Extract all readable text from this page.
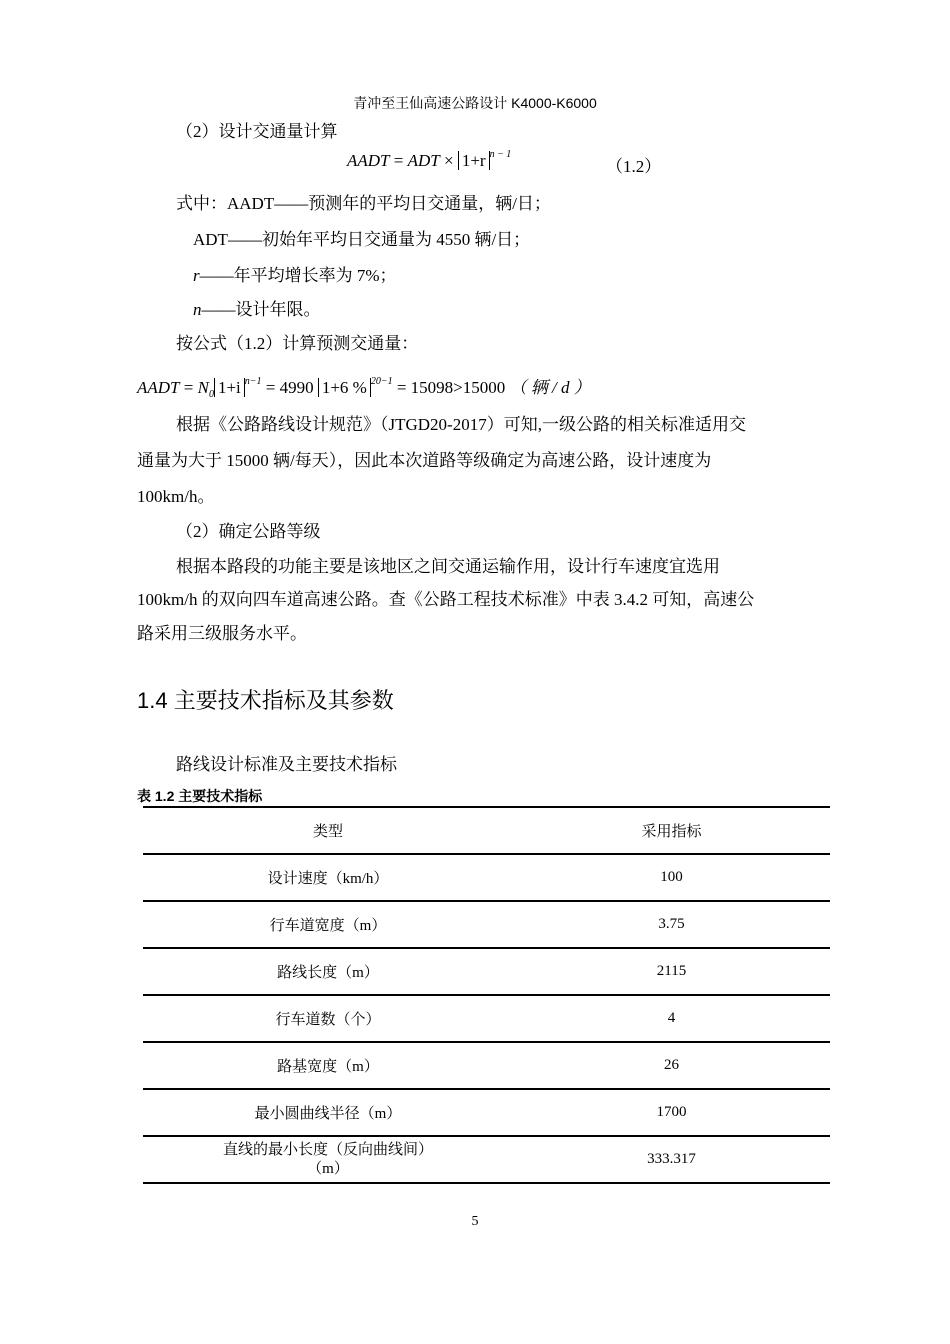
青冲至王仙高速公路设计 K4000-K6000
（2）设计交通量计算
AADT = ADT × 1+r $^{n - 1}$
（1.2）
式中：AADT——预测年的平均日交通量，辆/日；
ADT——初始年平均日交通量为 4550 辆/日；
r——年平均增长率为 7%；
n——设计年限。
按公式（1.2）计算预测交通量：
AADT = $N_0$ 1+i $^{n-1}$ = 4990 1+6 % $^{20-1}$ = 15098>15000 （ 辆 / d ）
根据《公路路线设计规范》（JTGD20-2017）可知,一级公路的相关标准适用交
通量为大于 15000 辆/每天），因此本次道路等级确定为高速公路，设计速度为
100km/h。
（2）确定公路等级
根据本路段的功能主要是该地区之间交通运输作用，设计行车速度宜选用
100km/h 的双向四车道高速公路。查《公路工程技术标准》中表 3.4.2 可知，高速公
路采用三级服务水平。
1.4 主要技术指标及其参数
路线设计标准及主要技术指标
表 1.2 主要技术指标
类型	采用指标
设计速度（km/h）	100
行车道宽度（m）	3.75
路线长度（m）	2115
行车道数（个）	4
路基宽度（m）	26
最小圆曲线半径（m）	1700

直线的最小长度（反向曲线间）
（m）	333.317
5
